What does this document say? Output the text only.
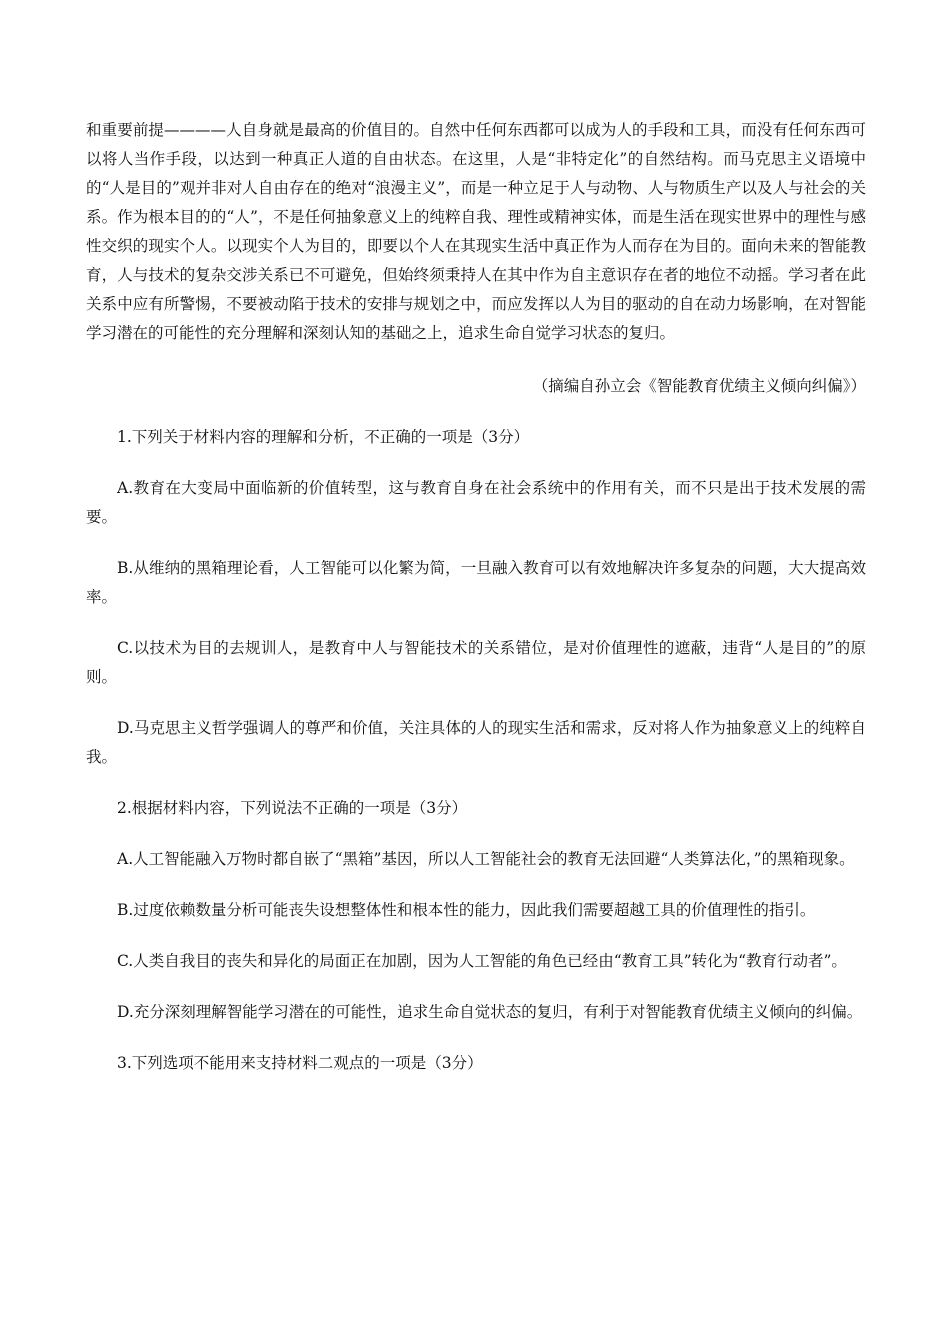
和重要前提————人自身就是最高的价值目的。自然中任何东西都可以成为人的手段和工具，而没有任何东西可以将人当作手段，以达到一种真正人道的自由状态。在这里，人是“非特定化”的自然结构。而马克思主义语境中的“人是目的”观并非对人自由存在的绝对“浪漫主义”，而是一种立足于人与动物、人与物质生产以及人与社会的关系。作为根本目的的“人”，不是任何抽象意义上的纯粹自我、理性或精神实体，而是生活在现实世界中的理性与感性交织的现实个人。以现实个人为目的，即要以个人在其现实生活中真正作为人而存在为目的。面向未来的智能教育，人与技术的复杂交涉关系已不可避免，但始终须秉持人在其中作为自主意识存在者的地位不动摇。学习者在此关系中应有所警惕，不要被动陷于技术的安排与规划之中，而应发挥以人为目的驱动的自在动力场影响，在对智能学习潜在的可能性的充分理解和深刻认知的基础之上，追求生命自觉学习状态的复归。

（摘编自孙立会《智能教育优绩主义倾向纠偏》）

1.下列关于材料内容的理解和分析，不正确的一项是（3分）

A.教育在大变局中面临新的价值转型，这与教育自身在社会系统中的作用有关，而不只是出于技术发展的需要。

B.从维纳的黑箱理论看，人工智能可以化繁为简，一旦融入教育可以有效地解决许多复杂的问题，大大提高效率。

C.以技术为目的去规训人，是教育中人与智能技术的关系错位，是对价值理性的遮蔽，违背“人是目的”的原则。

D.马克思主义哲学强调人的尊严和价值，关注具体的人的现实生活和需求，反对将人作为抽象意义上的纯粹自我。

2.根据材料内容，下列说法不正确的一项是（3分）

A.人工智能融入万物时都自嵌了“黑箱”基因，所以人工智能社会的教育无法回避“人类算法化，”的黑箱现象。

B.过度依赖数量分析可能丧失设想整体性和根本性的能力，因此我们需要超越工具的价值理性的指引。

C.人类自我目的丧失和异化的局面正在加剧，因为人工智能的角色已经由“教育工具”转化为“教育行动者”。

D.充分深刻理解智能学习潜在的可能性，追求生命自觉状态的复归，有利于对智能教育优绩主义倾向的纠偏。

3.下列选项不能用来支持材料二观点的一项是（3分）
